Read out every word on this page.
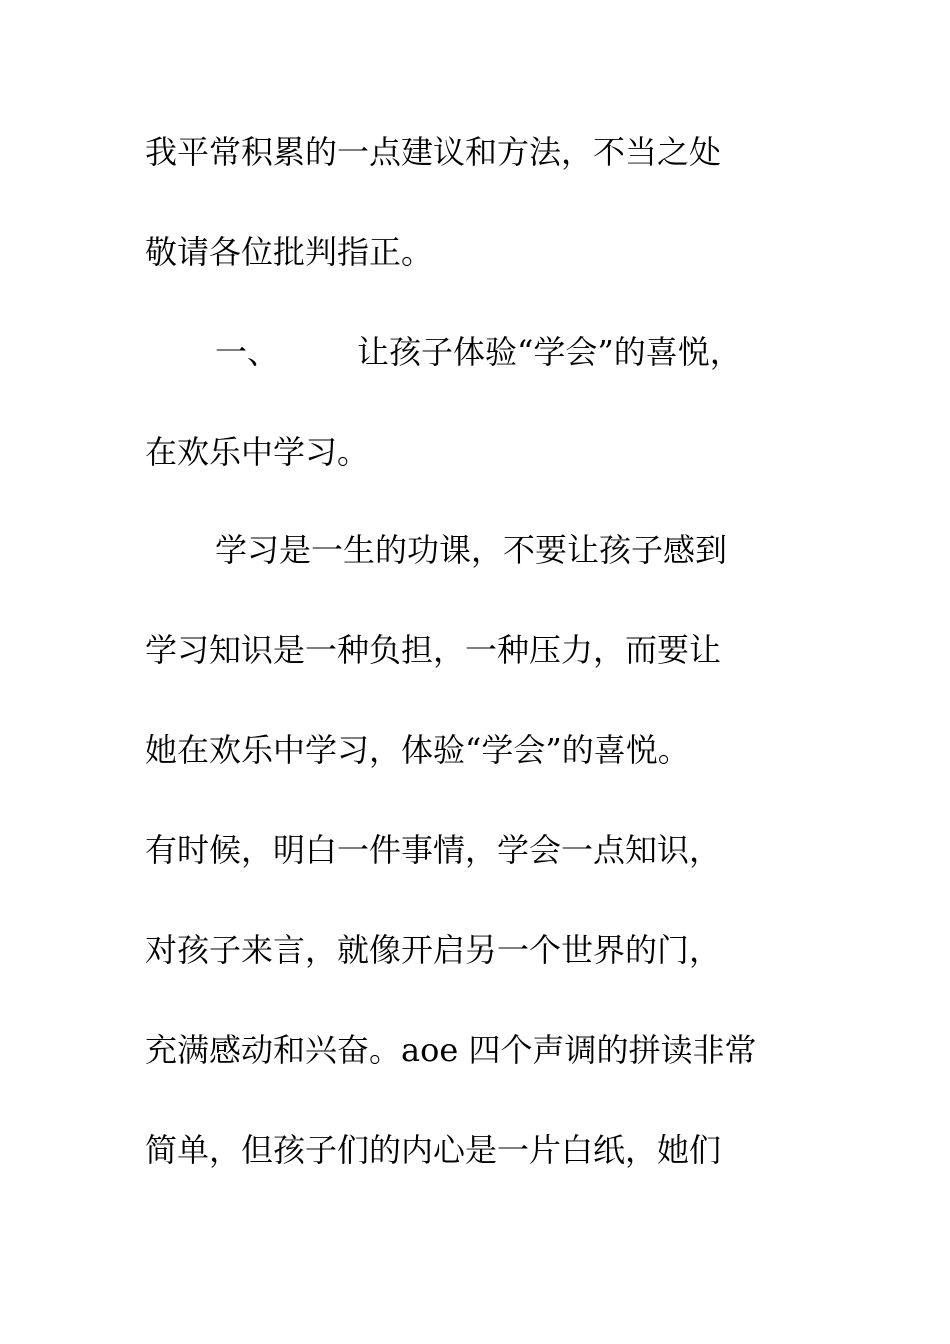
我平常积累的一点建议和方法，不当之处
敬请各位批判指正。
一、 让孩子体验“学会”的喜悦，
在欢乐中学习。
学习是一生的功课，不要让孩子感到
学习知识是一种负担，一种压力，而要让
她在欢乐中学习，体验“学会”的喜悦。
有时候，明白一件事情，学会一点知识，
对孩子来言，就像开启另一个世界的门，
充满感动和兴奋。aoe 四个声调的拼读非常
简单，但孩子们的内心是一片白纸，她们
